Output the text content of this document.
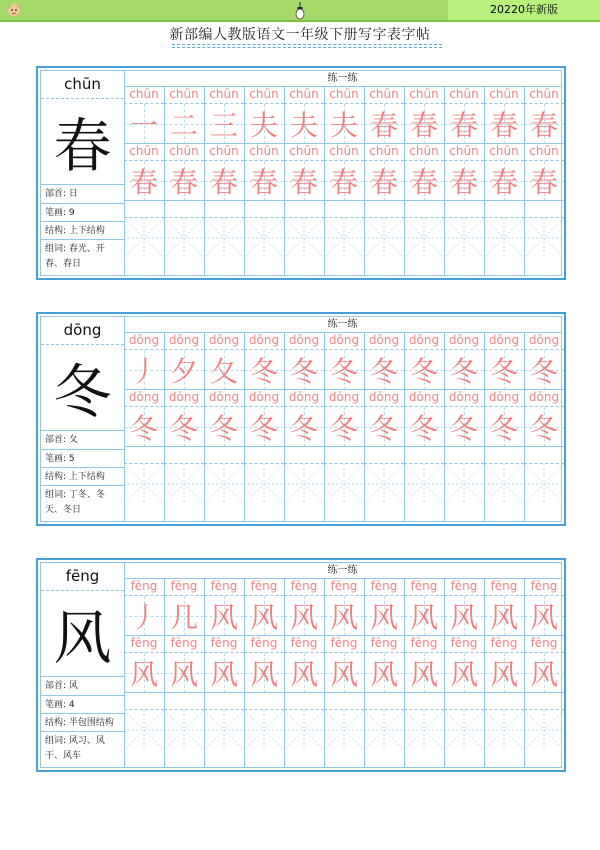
20220年新版
新部编人教版语文一年级下册写字表字帖
chūn
春
部首: 日
笔画: 9
结构: 上下结构
组词: 春光、开
春、春日
练一练
chūn
一
chūn
春
chūn
二
chūn
春
chūn
三
chūn
春
chūn
夫
chūn
春
chūn
夫
chūn
春
chūn
夫
chūn
春
chūn
春
chūn
春
chūn
春
chūn
春
chūn
春
chūn
春
chūn
春
chūn
春
chūn
春
chūn
春
dōng
冬
部首: 夂
笔画: 5
结构: 上下结构
组词: 丁冬、冬
天、冬日
练一练
dōng
丿
dōng
冬
dōng
夕
dōng
冬
dōng
夂
dōng
冬
dōng
冬
dōng
冬
dōng
冬
dōng
冬
dōng
冬
dōng
冬
dōng
冬
dōng
冬
dōng
冬
dōng
冬
dōng
冬
dōng
冬
dōng
冬
dōng
冬
dōng
冬
dōng
冬
fēng
风
部首: 风
笔画: 4
结构: 半包围结构
组词: 风习、风
干、风车
练一练
fēng
丿
fēng
风
fēng
几
fēng
风
fēng
风
fēng
风
fēng
风
fēng
风
fēng
风
fēng
风
fēng
风
fēng
风
fēng
风
fēng
风
fēng
风
fēng
风
fēng
风
fēng
风
fēng
风
fēng
风
fēng
风
fēng
风
